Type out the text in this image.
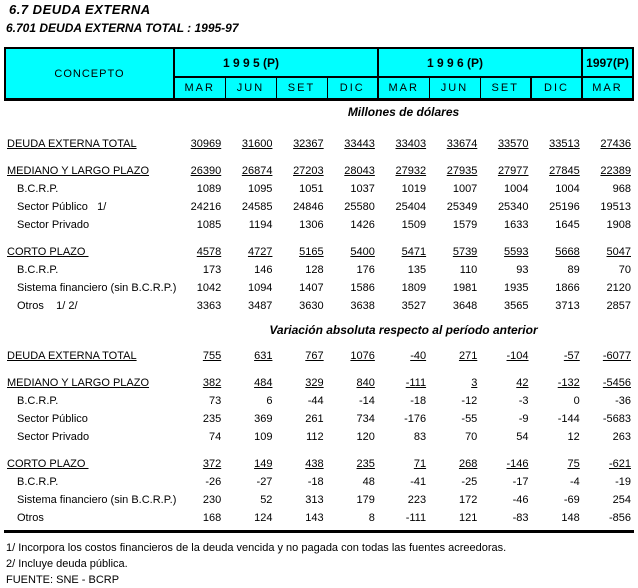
6.7 DEUDA EXTERNA
6.701 DEUDA EXTERNA TOTAL : 1995-97
CONCEPTO	1 9 9 5 (P)				1 9 9 6 (P)				1997(P)
	MAR	JUN	SET	DIC	MAR	JUN	SET	DIC	MAR
Millones de dólares
DEUDA EXTERNA TOTAL	30969	31600	32367	33443	33403	33674	33570	33513	27436

MEDIANO Y LARGO PLAZO	26390	26874	27203	28043	27932	27935	27977	27845	22389
B.C.R.P.	1089	1095	1051	1037	1019	1007	1004	1004	968
Sector Público   1/	24216	24585	24846	25580	25404	25349	25340	25196	19513
Sector Privado	1085	1194	1306	1426	1509	1579	1633	1645	1908

CORTO PLAZO	4578	4727	5165	5400	5471	5739	5593	5668	5047
B.C.R.P.	173	146	128	176	135	110	93	89	70
Sistema financiero (sin B.C.R.P.)	1042	1094	1407	1586	1809	1981	1935	1866	2120
Otros    1/ 2/	3363	3487	3630	3638	3527	3648	3565	3713	2857
Variación absoluta respecto al período anterior
DEUDA EXTERNA TOTAL	755	631	767	1076	-40	271	-104	-57	-6077

MEDIANO Y LARGO PLAZO	382	484	329	840	-111	3	42	-132	-5456
B.C.R.P.	73	6	-44	-14	-18	-12	-3	0	-36
Sector Público	235	369	261	734	-176	-55	-9	-144	-5683
Sector Privado	74	109	112	120	83	70	54	12	263

CORTO PLAZO	372	149	438	235	71	268	-146	75	-621
B.C.R.P.	-26	-27	-18	48	-41	-25	-17	-4	-19
Sistema financiero (sin B.C.R.P.)	230	52	313	179	223	172	-46	-69	254
Otros	168	124	143	8	-111	121	-83	148	-856
1/ Incorpora los costos financieros de la deuda vencida y no pagada con todas las fuentes acreedoras.
2/ Incluye deuda pública.
FUENTE: SNE - BCRP
